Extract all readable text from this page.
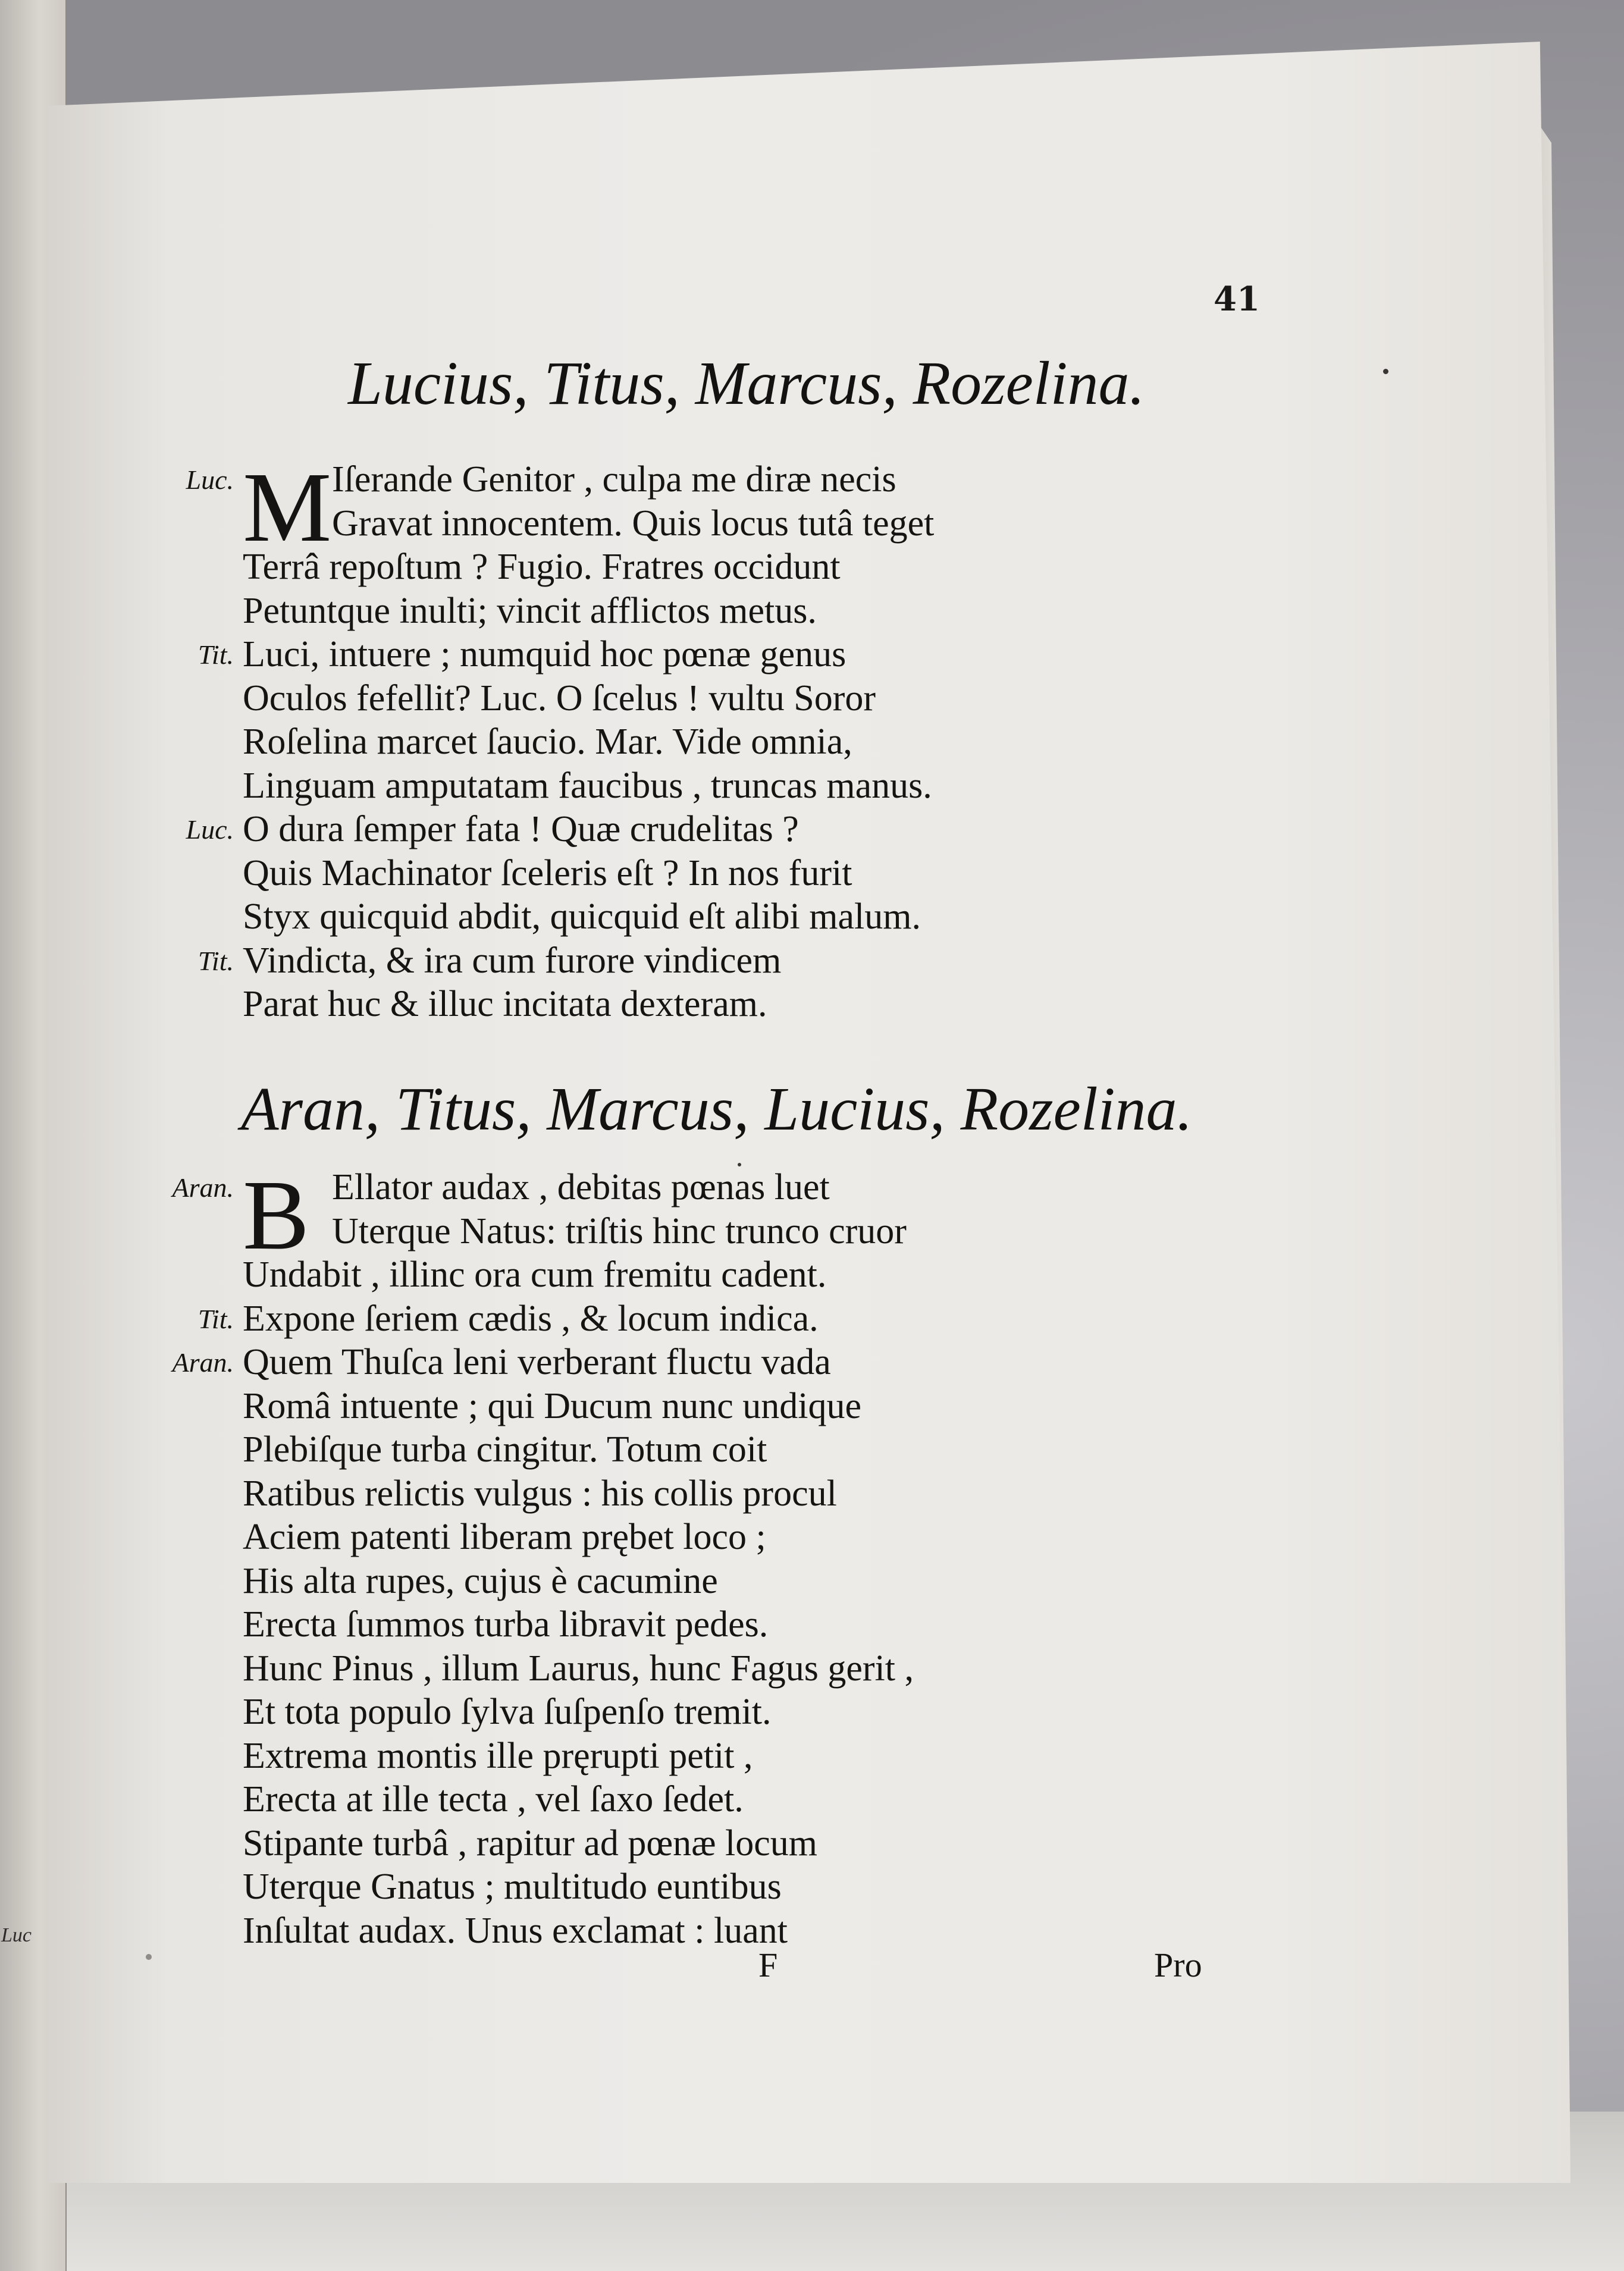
Luc
41
Lucius, Titus, Marcus, Rozelina.
M
Luc.	Iſerande Genitor , culpa me diræ necis
Gravat innocentem. Quis locus tutâ teget
Terrâ repoſtum ? Fugio. Fratres occidunt
Petuntque inulti; vincit afflictos metus.
Tit. Luci, intuere ; numquid hoc pœnæ genus
Oculos fefellit? Luc. O ſcelus ! vultu Soror
Roſelina marcet ſaucio. Mar. Vide omnia,
Linguam amputatam faucibus , truncas manus.
Luc. O dura ſemper fata ! Quæ crudelitas ?
Quis Machinator ſceleris eſt ? In nos furit
Styx quicquid abdit, quicquid eſt alibi malum.
Tit. Vindicta, & ira cum furore vindicem
Parat huc & illuc incitata dexteram.
Aran, Titus, Marcus, Lucius, Rozelina.
B
Aran.	Ellator audax , debitas pœnas luet
Uterque Natus: triſtis hinc trunco cruor
Undabit , illinc ora cum fremitu cadent.
Tit. Expone ſeriem cædis , & locum indica.
Aran. Quem Thuſca leni verberant fluctu vada
Româ intuente ; qui Ducum nunc undique
Plebiſque turba cingitur. Totum coit
Ratibus relictis vulgus : his collis procul
Aciem patenti liberam prębet loco ;
His alta rupes, cujus è cacumine
Erecta ſummos turba libravit pedes.
Hunc Pinus , illum Laurus, hunc Fagus gerit ,
Et tota populo ſylva ſuſpenſo tremit.
Extrema montis ille pręrupti petit ,
Erecta at ille tecta , vel ſaxo ſedet.
Stipante turbâ , rapitur ad pœnæ locum
Uterque Gnatus ; multitudo euntibus
Inſultat audax. Unus exclamat : luant
F	Pro
